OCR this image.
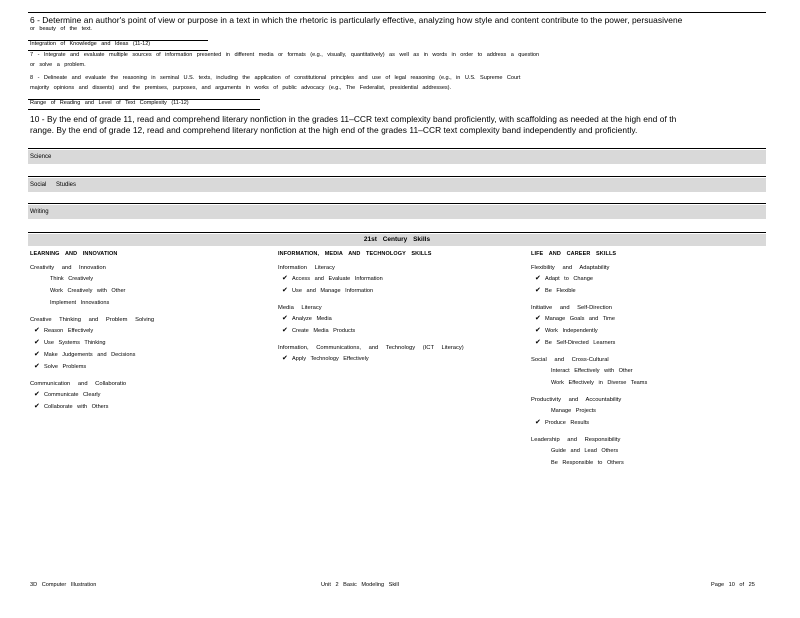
6 - Determine an author's point of view or purpose in a text in which the rhetoric is particularly effective, analyzing how style and content contribute to the power, persuasivene
or beauty of the text.
Integration of Knowledge and Ideas (11-12)
7 - Integrate and evaluate multiple sources of information presented in different media or formats (e.g., visually, quantitatively) as well as in words in order to address a question
or solve a problem.
8 - Delineate and evaluate the reasoning in seminal U.S. texts, including the application of constitutional principles and use of legal reasoning (e.g., in U.S. Supreme Court
majority opinions and dissents) and the premises, purposes, and arguments in works of public advocacy (e.g., The Federalist, presidential addresses).
Range of Reading and Level of Text Complexity (11-12)
10 - By the end of grade 11, read and comprehend literary nonfiction in the grades 11–CCR text complexity band proficiently, with scaffolding as needed at the high end of th
range. By the end of grade 12, read and comprehend literary nonfiction at the high end of the grades 11–CCR text complexity band independently and proficiently.
Science
Social Studies
Writing
21st Century Skills
LEARNING AND INNOVATION
Creativity and Innovation
Think Creatively
Work Creatively with Other
Implement Innovations
Creative Thinking and Problem Solving
✔ Reason Effectively
✔ Use Systems Thinking
✔ Make Judgements and Decisions
✔ Solve Problems
Communication and Collaboratio
✔ Communicate Clearly
✔ Collaborate with Others
INFORMATION, MEDIA AND TECHNOLOGY SKILLS
Information Literacy
✔ Access and Evaluate Information
✔ Use and Manage Information
Media Literacy
✔ Analyze Media
✔ Create Media Products
Information, Communications, and Technology (ICT Literacy)
✔ Apply Technology Effectively
LIFE AND CAREER SKILLS
Flexibility and Adaptability
✔ Adapt to Change
✔ Be Flexible
Initiative and Self-Direction
✔ Manage Goals and Time
✔ Work Independently
✔ Be Self-Directed Learners
Social and Cross-Cultural
Interact Effectively with Other
Work Effectively in Diverse Teams
Productivity and Accountability
Manage Projects
✔ Produce Results
Leadership and Responsibility
Guide and Lead Others
Be Responsible to Others
3D Computer Illustration	Unit 2 Basic Modeling Skill	Page 10 of 25
